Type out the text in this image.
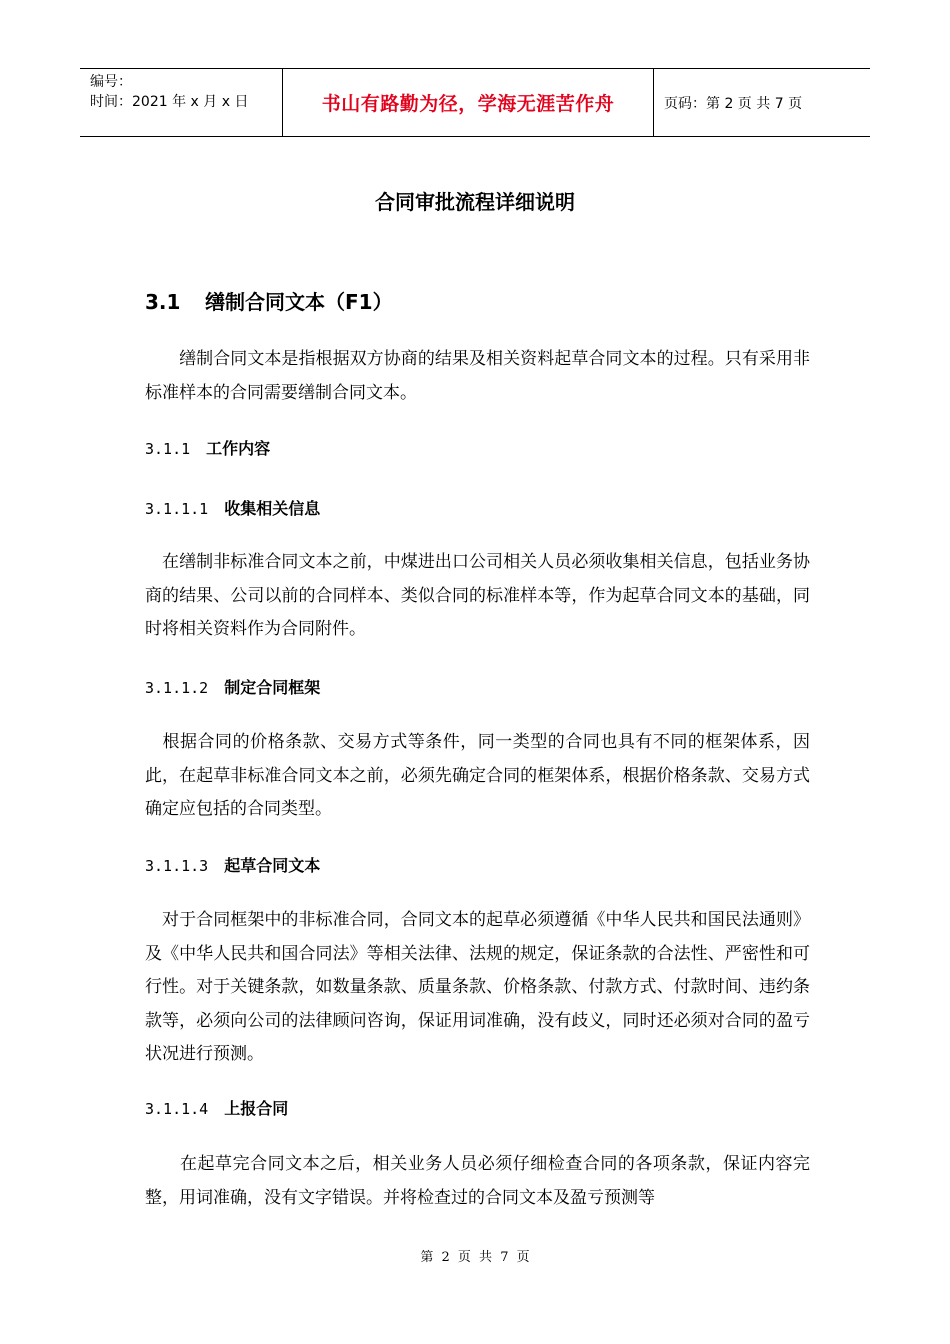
编号：
时间：2021 年 x 月 x 日	书山有路勤为径，学海无涯苦作舟	页码：第 2 页 共 7 页
合同审批流程详细说明
3.1 缮制合同文本（F1）
　　缮制合同文本是指根据双方协商的结果及相关资料起草合同文本的过程。只有采用非标准样本的合同需要缮制合同文本。
3.1.1 工作内容
3.1.1.1 收集相关信息
　在缮制非标准合同文本之前，中煤进出口公司相关人员必须收集相关信息，包括业务协商的结果、公司以前的合同样本、类似合同的标准样本等，作为起草合同文本的基础，同时将相关资料作为合同附件。
3.1.1.2 制定合同框架
　根据合同的价格条款、交易方式等条件，同一类型的合同也具有不同的框架体系，因此，在起草非标准合同文本之前，必须先确定合同的框架体系，根据价格条款、交易方式确定应包括的合同类型。
3.1.1.3 起草合同文本
　对于合同框架中的非标准合同，合同文本的起草必须遵循《中华人民共和国民法通则》及《中华人民共和国合同法》等相关法律、法规的规定，保证条款的合法性、严密性和可行性。对于关键条款，如数量条款、质量条款、价格条款、付款方式、付款时间、违约条款等，必须向公司的法律顾问咨询，保证用词准确，没有歧义，同时还必须对合同的盈亏状况进行预测。
3.1.1.4 上报合同
　　在起草完合同文本之后，相关业务人员必须仔细检查合同的各项条款，保证内容完整，用词准确，没有文字错误。并将检查过的合同文本及盈亏预测等
第 2 页 共 7 页
